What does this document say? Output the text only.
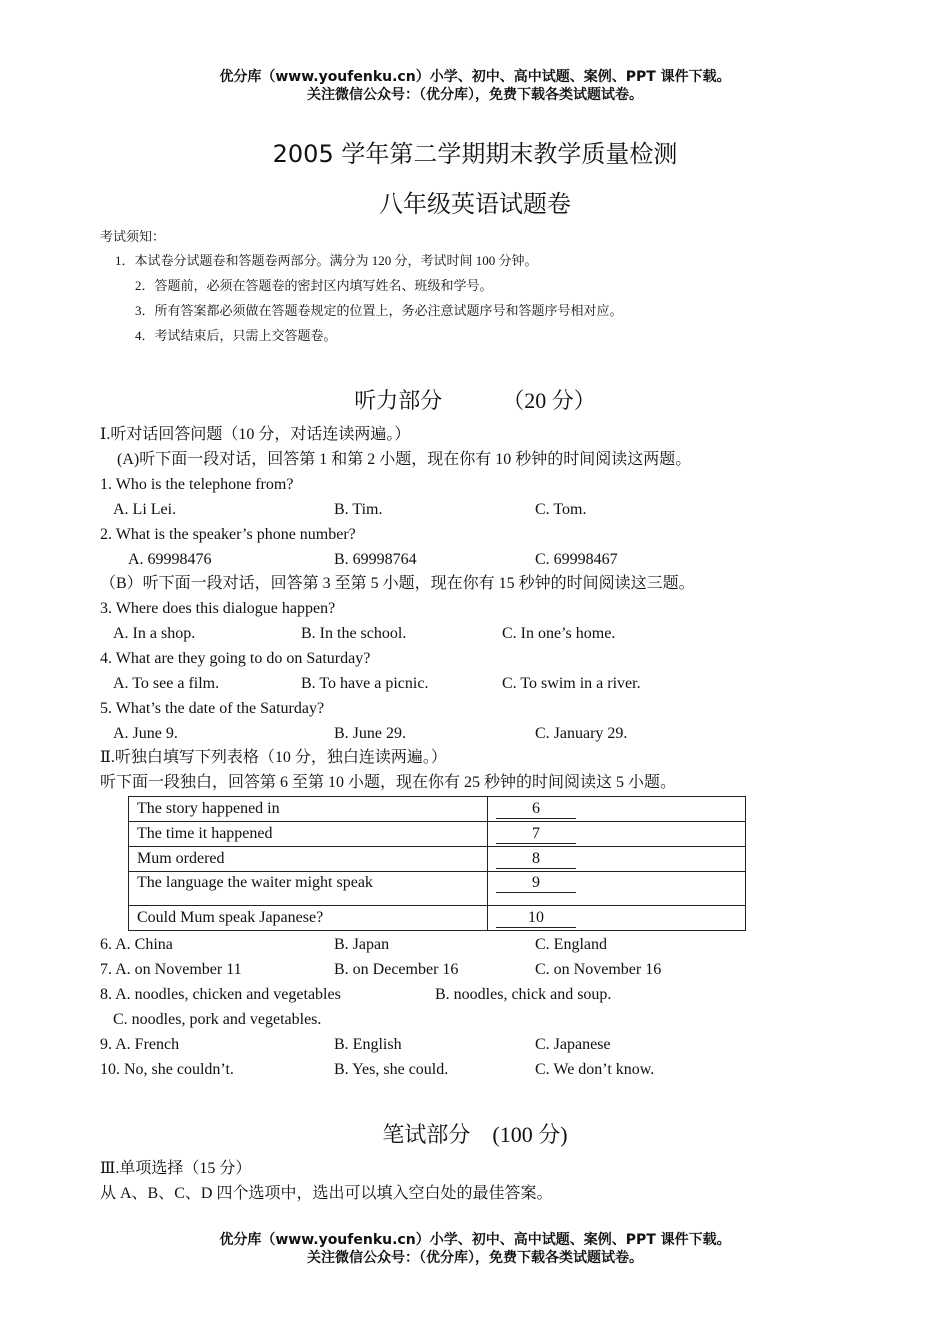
优分库（www.youfenku.cn）小学、初中、高中试题、案例、PPT 课件下载。
关注微信公众号：（优分库），免费下载各类试题试卷。
2005 学年第二学期期末教学质量检测
八年级英语试题卷
考试须知：
1．本试卷分试题卷和答题卷两部分。满分为 120 分，考试时间 100 分钟。
2．答题前，必须在答题卷的密封区内填写姓名、班级和学号。
3．所有答案都必须做在答题卷规定的位置上，务必注意试题序号和答题序号相对应。
4．考试结束后，只需上交答题卷。
听力部分	（20 分）
Ⅰ.听对话回答问题（10 分，对话连读两遍。）
(A)听下面一段对话，回答第 1 和第 2 小题，现在你有 10 秒钟的时间阅读这两题。
1. Who is the telephone from?
A. Li Lei.	B. Tim.	C. Tom.
2. What is the speaker’s phone number?
A. 69998476	B. 69998764	C. 69998467
（B）听下面一段对话，回答第 3 至第 5 小题，现在你有 15 秒钟的时间阅读这三题。
3. Where does this dialogue happen?
A. In a shop.	B. In the school.	C. In one’s home.
4. What are they going to do on Saturday?
A. To see a film.	B. To have a picnic.	C. To swim in a river.
5. What’s the date of the Saturday?
A. June 9.	B. June 29.	C. January 29.
Ⅱ.听独白填写下列表格（10 分，独白连读两遍。）
听下面一段独白，回答第 6 至第 10 小题，现在你有 25 秒钟的时间阅读这 5 小题。
The story happened in	6
The time it happened	7
Mum ordered	8
The language the waiter might speak	9
Could Mum speak Japanese?	10
6. A. China	B. Japan	C. England
7. A. on November 11	B. on December 16	C. on November 16
8. A. noodles, chicken and vegetables	B. noodles, chick and soup.
C. noodles, pork and vegetables.
9. A. French	B. English	C. Japanese
10. No, she couldn’t.	B. Yes, she could.	C. We don’t know.
笔试部分 (100 分)
Ⅲ.单项选择（15 分）
从 A、B、C、D 四个选项中，选出可以填入空白处的最佳答案。
优分库（www.youfenku.cn）小学、初中、高中试题、案例、PPT 课件下载。
关注微信公众号：（优分库），免费下载各类试题试卷。
